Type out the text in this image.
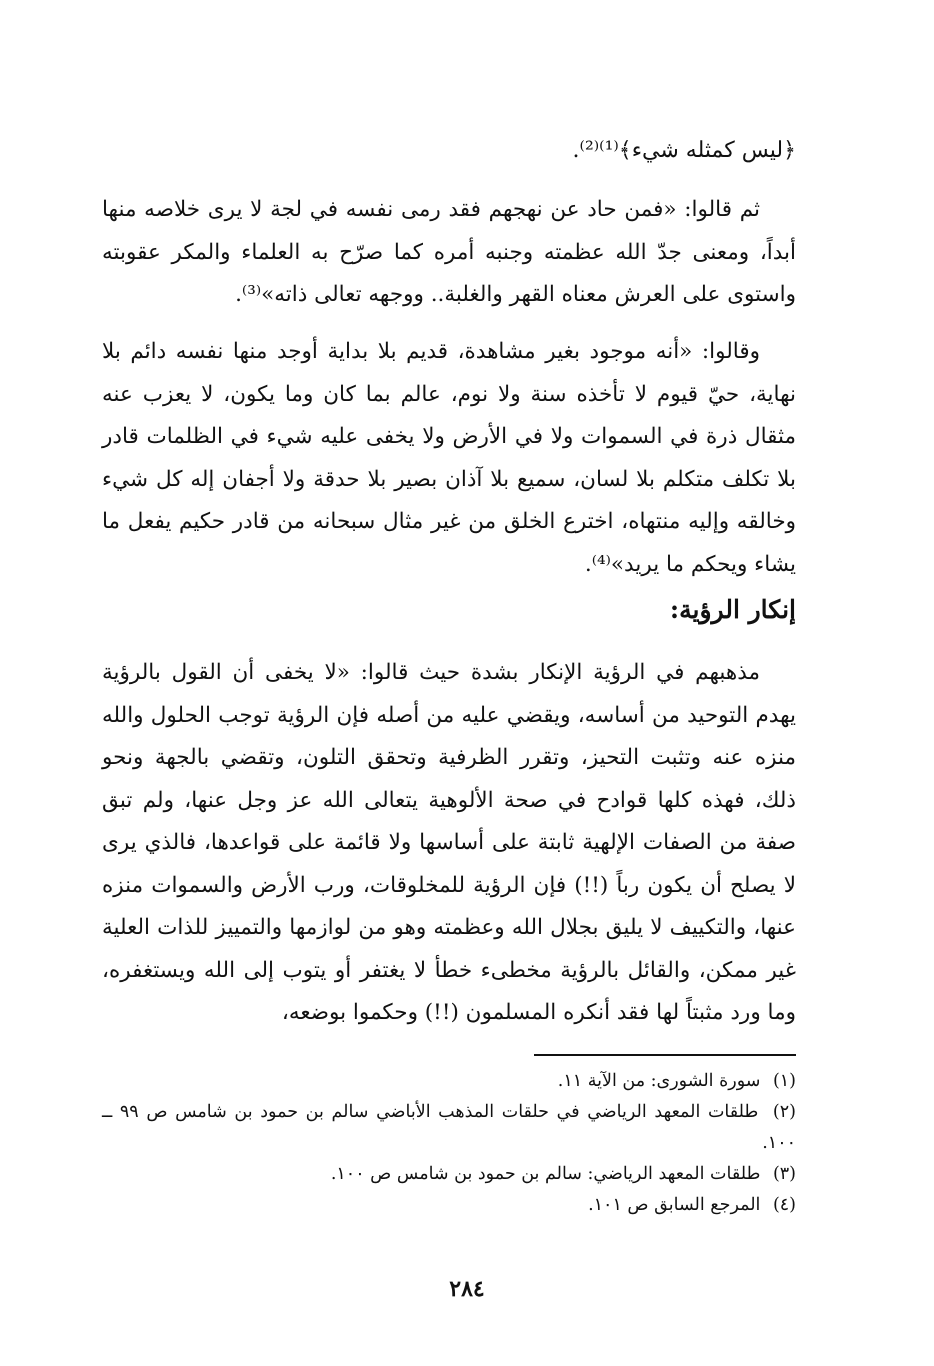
﴿ليس كمثله شيء﴾⁽¹⁾⁽²⁾.

ثم قالوا: «فمن حاد عن نهجهم فقد رمى نفسه في لجة لا يرى خلاصه منها أبداً، ومعنى جدّ الله عظمته وجنبه أمره كما صرّح به العلماء والمكر عقوبته واستوى على العرش معناه القهر والغلبة.. ووجهه تعالى ذاته»⁽³⁾.

وقالوا: «أنه موجود بغير مشاهدة، قديم بلا بداية أوجد منها نفسه دائم بلا نهاية، حيّ قيوم لا تأخذه سنة ولا نوم، عالم بما كان وما يكون، لا يعزب عنه مثقال ذرة في السموات ولا في الأرض ولا يخفى عليه شيء في الظلمات قادر بلا تكلف متكلم بلا لسان، سميع بلا آذان بصير بلا حدقة ولا أجفان إله كل شيء وخالقه وإليه منتهاه، اخترع الخلق من غير مثال سبحانه من قادر حكيم يفعل ما يشاء ويحكم ما يريد»⁽⁴⁾.

إنكار الرؤية:

مذهبهم في الرؤية الإنكار بشدة حيث قالوا: «لا يخفى أن القول بالرؤية يهدم التوحيد من أساسه، ويقضي عليه من أصله فإن الرؤية توجب الحلول والله منزه عنه وتثبت التحيز، وتقرر الظرفية وتحقق التلون، وتقضي بالجهة ونحو ذلك، فهذه كلها قوادح في صحة الألوهية يتعالى الله عز وجل عنها، ولم تبق صفة من الصفات الإلهية ثابتة على أساسها ولا قائمة على قواعدها، فالذي يرى لا يصلح أن يكون رباً (!!) فإن الرؤية للمخلوقات، ورب الأرض والسموات منزه عنها، والتكييف لا يليق بجلال الله وعظمته وهو من لوازمها والتمييز للذات العلية غير ممكن، والقائل بالرؤية مخطىء خطأ لا يغتفر أو يتوب إلى الله ويستغفره، وما ورد مثبتاً لها فقد أنكره المسلمون (!!) وحكموا بوضعه،

(١) سورة الشورى: من الآية ١١.

(٢) طلقات المعهد الرياضي في حلقات المذهب الأباضي سالم بن حمود بن شامس ص ٩٩ ــ ١٠٠.

(٣) طلقات المعهد الرياضي: سالم بن حمود بن شامس ص ١٠٠.

(٤) المرجع السابق ص ١٠١.

٢٨٤
